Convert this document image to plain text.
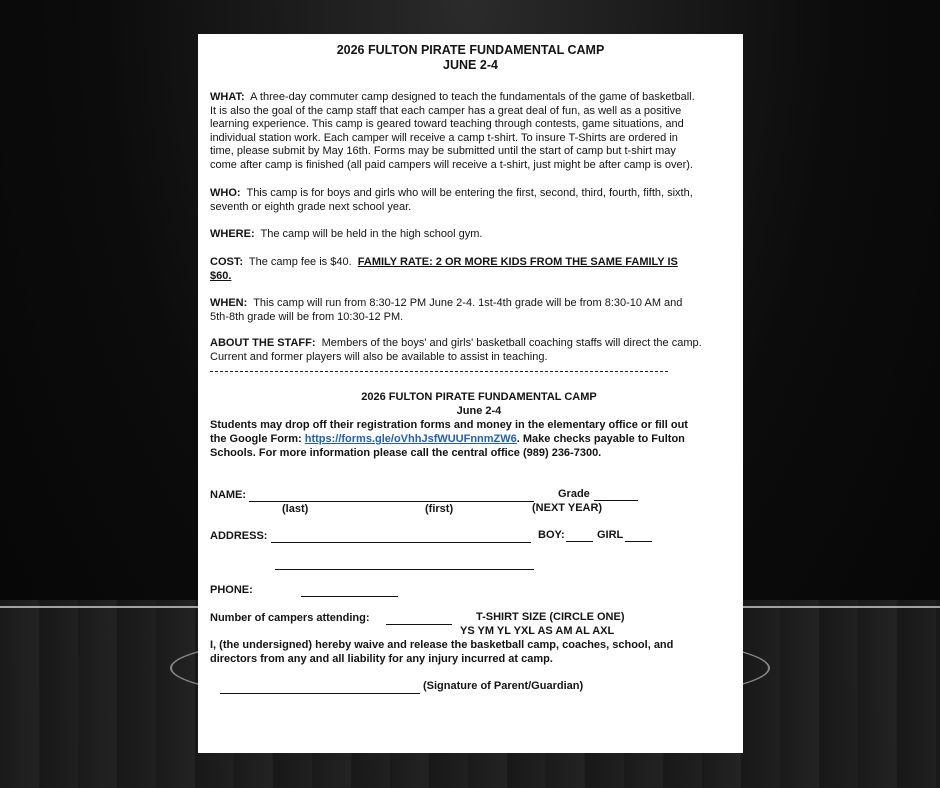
2026 FULTON PIRATE FUNDAMENTAL CAMP
JUNE 2-4
WHAT: A three-day commuter camp designed to teach the fundamentals of the game of basketball.
It is also the goal of the camp staff that each camper has a great deal of fun, as well as a positive
learning experience. This camp is geared toward teaching through contests, game situations, and
individual station work. Each camper will receive a camp t-shirt. To insure T-Shirts are ordered in
time, please submit by May 16th. Forms may be submitted until the start of camp but t-shirt may
come after camp is finished (all paid campers will receive a t-shirt, just might be after camp is over).
WHO: This camp is for boys and girls who will be entering the first, second, third, fourth, fifth, sixth,
seventh or eighth grade next school year.
WHERE: The camp will be held in the high school gym.
COST: The camp fee is $40. FAMILY RATE: 2 OR MORE KIDS FROM THE SAME FAMILY IS
$60.
WHEN: This camp will run from 8:30-12 PM June 2-4. 1st-4th grade will be from 8:30-10 AM and
5th-8th grade will be from 10:30-12 PM.
ABOUT THE STAFF: Members of the boys' and girls' basketball coaching staffs will direct the camp.
Current and former players will also be available to assist in teaching.
2026 FULTON PIRATE FUNDAMENTAL CAMP
June 2-4
Students may drop off their registration forms and money in the elementary office or fill out
the Google Form: https://forms.gle/oVhhJsfWUUFnnmZW6. Make checks payable to Fulton
Schools. For more information please call the central office (989) 236-7300.
NAME:	Grade
(last)	(first)	(NEXT YEAR)
ADDRESS:	BOY:	GIRL
PHONE:
Number of campers attending:	T-SHIRT SIZE (CIRCLE ONE)
YS YM YL YXL AS AM AL AXL
I, (the undersigned) hereby waive and release the basketball camp, coaches, school, and
directors from any and all liability for any injury incurred at camp.
(Signature of Parent/Guardian)
